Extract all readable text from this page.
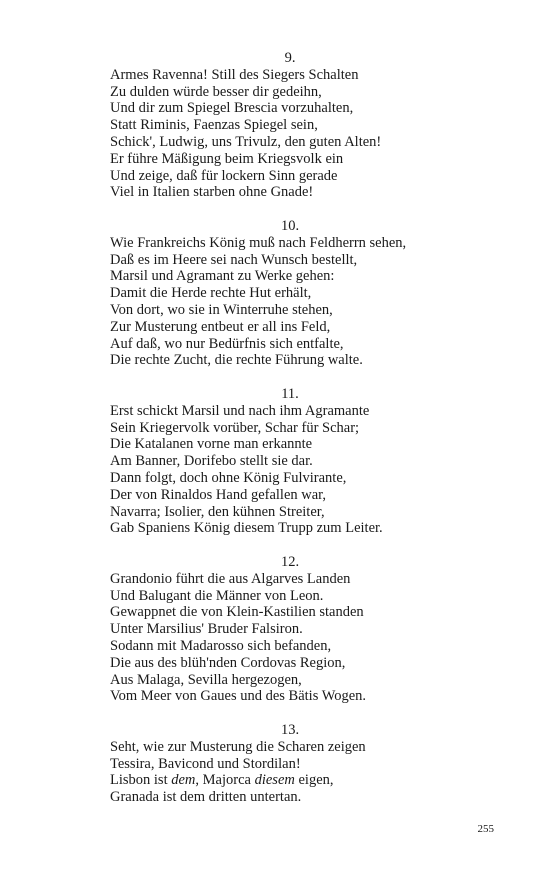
9.
Armes Ravenna! Still des Siegers Schalten
Zu dulden würde besser dir gedeihn,
Und dir zum Spiegel Brescia vorzuhalten,
Statt Riminis, Faenzas Spiegel sein,
Schick', Ludwig, uns Trivulz, den guten Alten!
Er führe Mäßigung beim Kriegsvolk ein
Und zeige, daß für lockern Sinn gerade
Viel in Italien starben ohne Gnade!
10.
Wie Frankreichs König muß nach Feldherrn sehen,
Daß es im Heere sei nach Wunsch bestellt,
Marsil und Agramant zu Werke gehen:
Damit die Herde rechte Hut erhält,
Von dort, wo sie in Winterruhe stehen,
Zur Musterung entbeut er all ins Feld,
Auf daß, wo nur Bedürfnis sich entfalte,
Die rechte Zucht, die rechte Führung walte.
11.
Erst schickt Marsil und nach ihm Agramante
Sein Kriegervolk vorüber, Schar für Schar;
Die Katalanen vorne man erkannte
Am Banner, Dorifebo stellt sie dar.
Dann folgt, doch ohne König Fulvirante,
Der von Rinaldos Hand gefallen war,
Navarra; Isolier, den kühnen Streiter,
Gab Spaniens König diesem Trupp zum Leiter.
12.
Grandonio führt die aus Algarves Landen
Und Balugant die Männer von Leon.
Gewappnet die von Klein-Kastilien standen
Unter Marsilius' Bruder Falsiron.
Sodann mit Madarosso sich befanden,
Die aus des blüh'nden Cordovas Region,
Aus Malaga, Sevilla hergezogen,
Vom Meer von Gaues und des Bätis Wogen.
13.
Seht, wie zur Musterung die Scharen zeigen
Tessira, Bavicond und Stordilan!
Lisbon ist dem, Majorca diesem eigen,
Granada ist dem dritten untertan.
255
